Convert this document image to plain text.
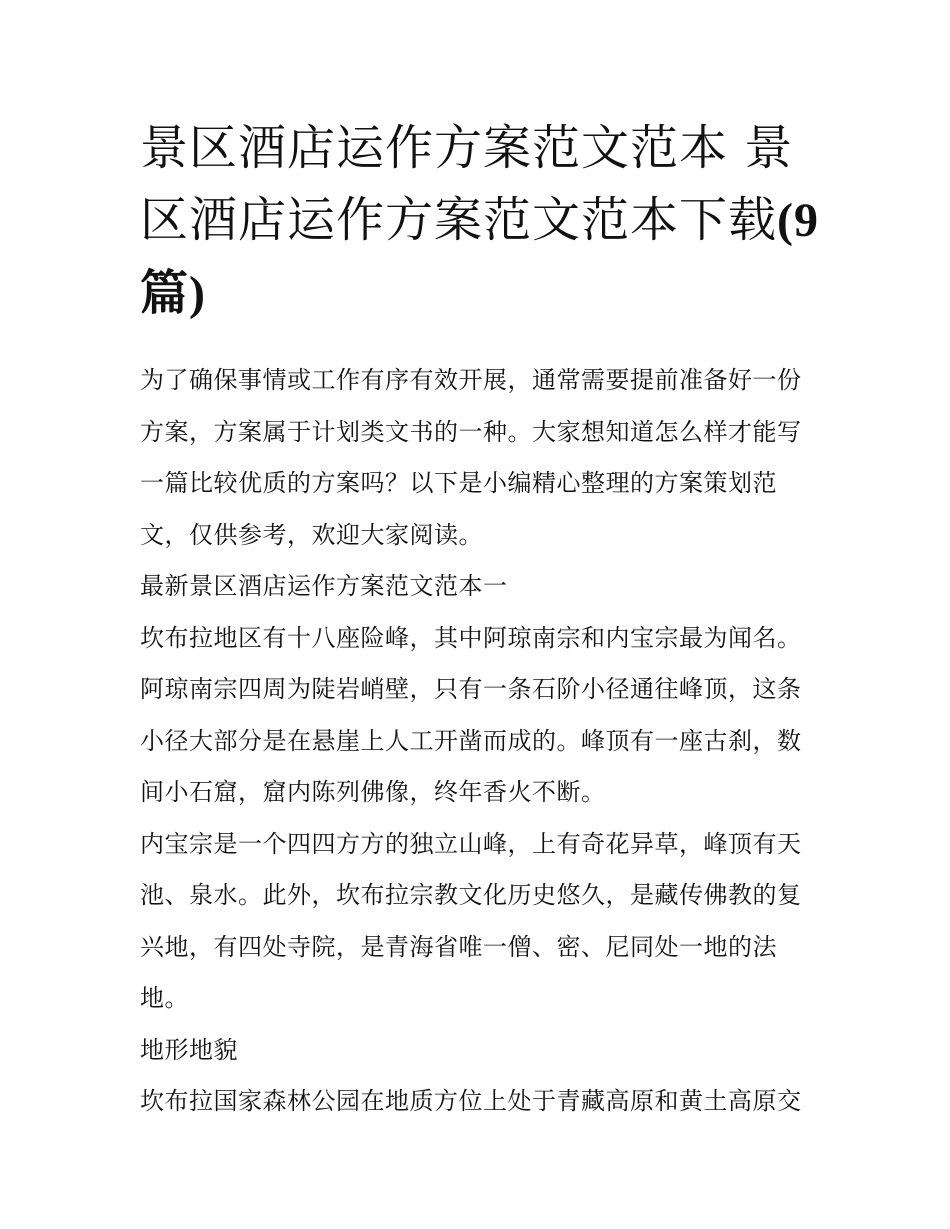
景区酒店运作方案范文范本 景区酒店运作方案范文范本下载(9 篇)

为了确保事情或工作有序有效开展，通常需要提前准备好一份方案，方案属于计划类文书的一种。大家想知道怎么样才能写一篇比较优质的方案吗？以下是小编精心整理的方案策划范文，仅供参考，欢迎大家阅读。

最新景区酒店运作方案范文范本一

坎布拉地区有十八座险峰，其中阿琼南宗和内宝宗最为闻名。阿琼南宗四周为陡岩峭壁，只有一条石阶小径通往峰顶，这条小径大部分是在悬崖上人工开凿而成的。峰顶有一座古刹，数间小石窟，窟内陈列佛像，终年香火不断。

内宝宗是一个四四方方的独立山峰，上有奇花异草，峰顶有天池、泉水。此外，坎布拉宗教文化历史悠久，是藏传佛教的复兴地，有四处寺院，是青海省唯一僧、密、尼同处一地的法地。

地形地貌

坎布拉国家森林公园在地质方位上处于青藏高原和黄土高原交
